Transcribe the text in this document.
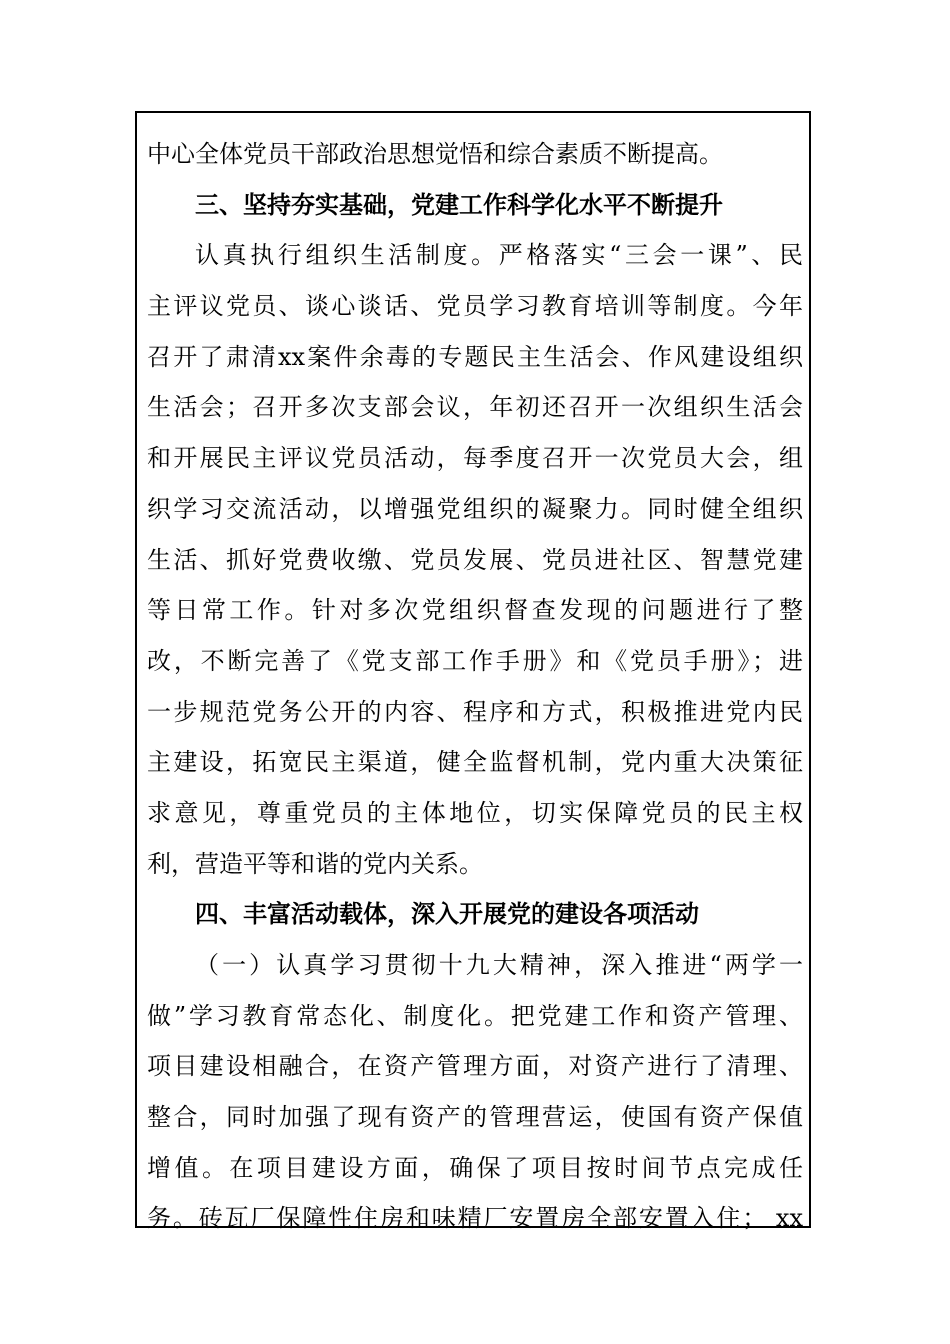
中心全体党员干部政治思想觉悟和综合素质不断提高。
三、坚持夯实基础，党建工作科学化水平不断提升
认真执行组织生活制度。严格落实“三会一课”、民
主评议党员、谈心谈话、党员学习教育培训等制度。今年
召开了肃清xx案件余毒的专题民主生活会、作风建设组织
生活会；召开多次支部会议，年初还召开一次组织生活会
和开展民主评议党员活动，每季度召开一次党员大会，组
织学习交流活动，以增强党组织的凝聚力。同时健全组织
生活、抓好党费收缴、党员发展、党员进社区、智慧党建
等日常工作。针对多次党组织督查发现的问题进行了整
改，不断完善了《党支部工作手册》和《党员手册》；进
一步规范党务公开的内容、程序和方式，积极推进党内民
主建设，拓宽民主渠道，健全监督机制，党内重大决策征
求意见，尊重党员的主体地位，切实保障党员的民主权
利，营造平等和谐的党内关系。
四、丰富活动载体，深入开展党的建设各项活动
（一）认真学习贯彻十九大精神，深入推进“两学一
做”学习教育常态化、制度化。把党建工作和资产管理、
项目建设相融合，在资产管理方面，对资产进行了清理、
整合，同时加强了现有资产的管理营运，使国有资产保值
增值。在项目建设方面，确保了项目按时间节点完成任
务。砖瓦厂保障性住房和味精厂安置房全部安置入住； xx
